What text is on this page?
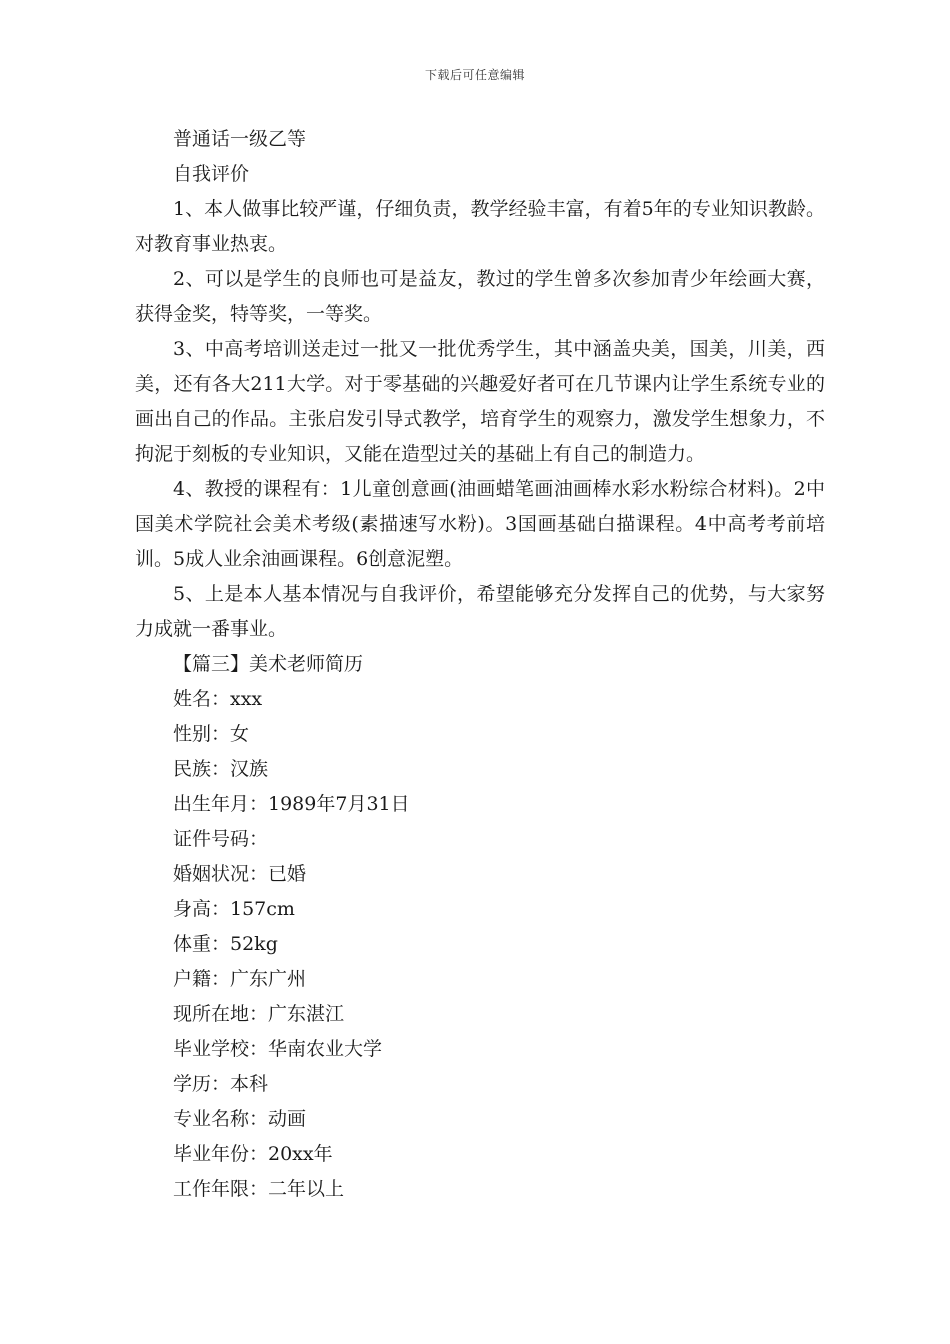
下载后可任意编辑

普通话一级乙等

自我评价

1、本人做事比较严谨，仔细负责，教学经验丰富，有着5年的专业知识教龄。对教育事业热衷。

2、可以是学生的良师也可是益友，教过的学生曾多次参加青少年绘画大赛，获得金奖，特等奖，一等奖。

3、中高考培训送走过一批又一批优秀学生，其中涵盖央美，国美，川美，西美，还有各大211大学。对于零基础的兴趣爱好者可在几节课内让学生系统专业的画出自己的作品。主张启发引导式教学，培育学生的观察力，激发学生想象力，不拘泥于刻板的专业知识，又能在造型过关的基础上有自己的制造力。

4、教授的课程有：1儿童创意画(油画蜡笔画油画棒水彩水粉综合材料)。2中国美术学院社会美术考级(素描速写水粉)。3国画基础白描课程。4中高考考前培训。5成人业余油画课程。6创意泥塑。

5、上是本人基本情况与自我评价，希望能够充分发挥自己的优势，与大家努力成就一番事业。

【篇三】美术老师简历

姓名：xxx

性别：女

民族：汉族

出生年月：1989年7月31日

证件号码：

婚姻状况：已婚

身高：157cm

体重：52kg

户籍：广东广州

现所在地：广东湛江

毕业学校：华南农业大学

学历：本科

专业名称：动画

毕业年份：20xx年

工作年限：二年以上
